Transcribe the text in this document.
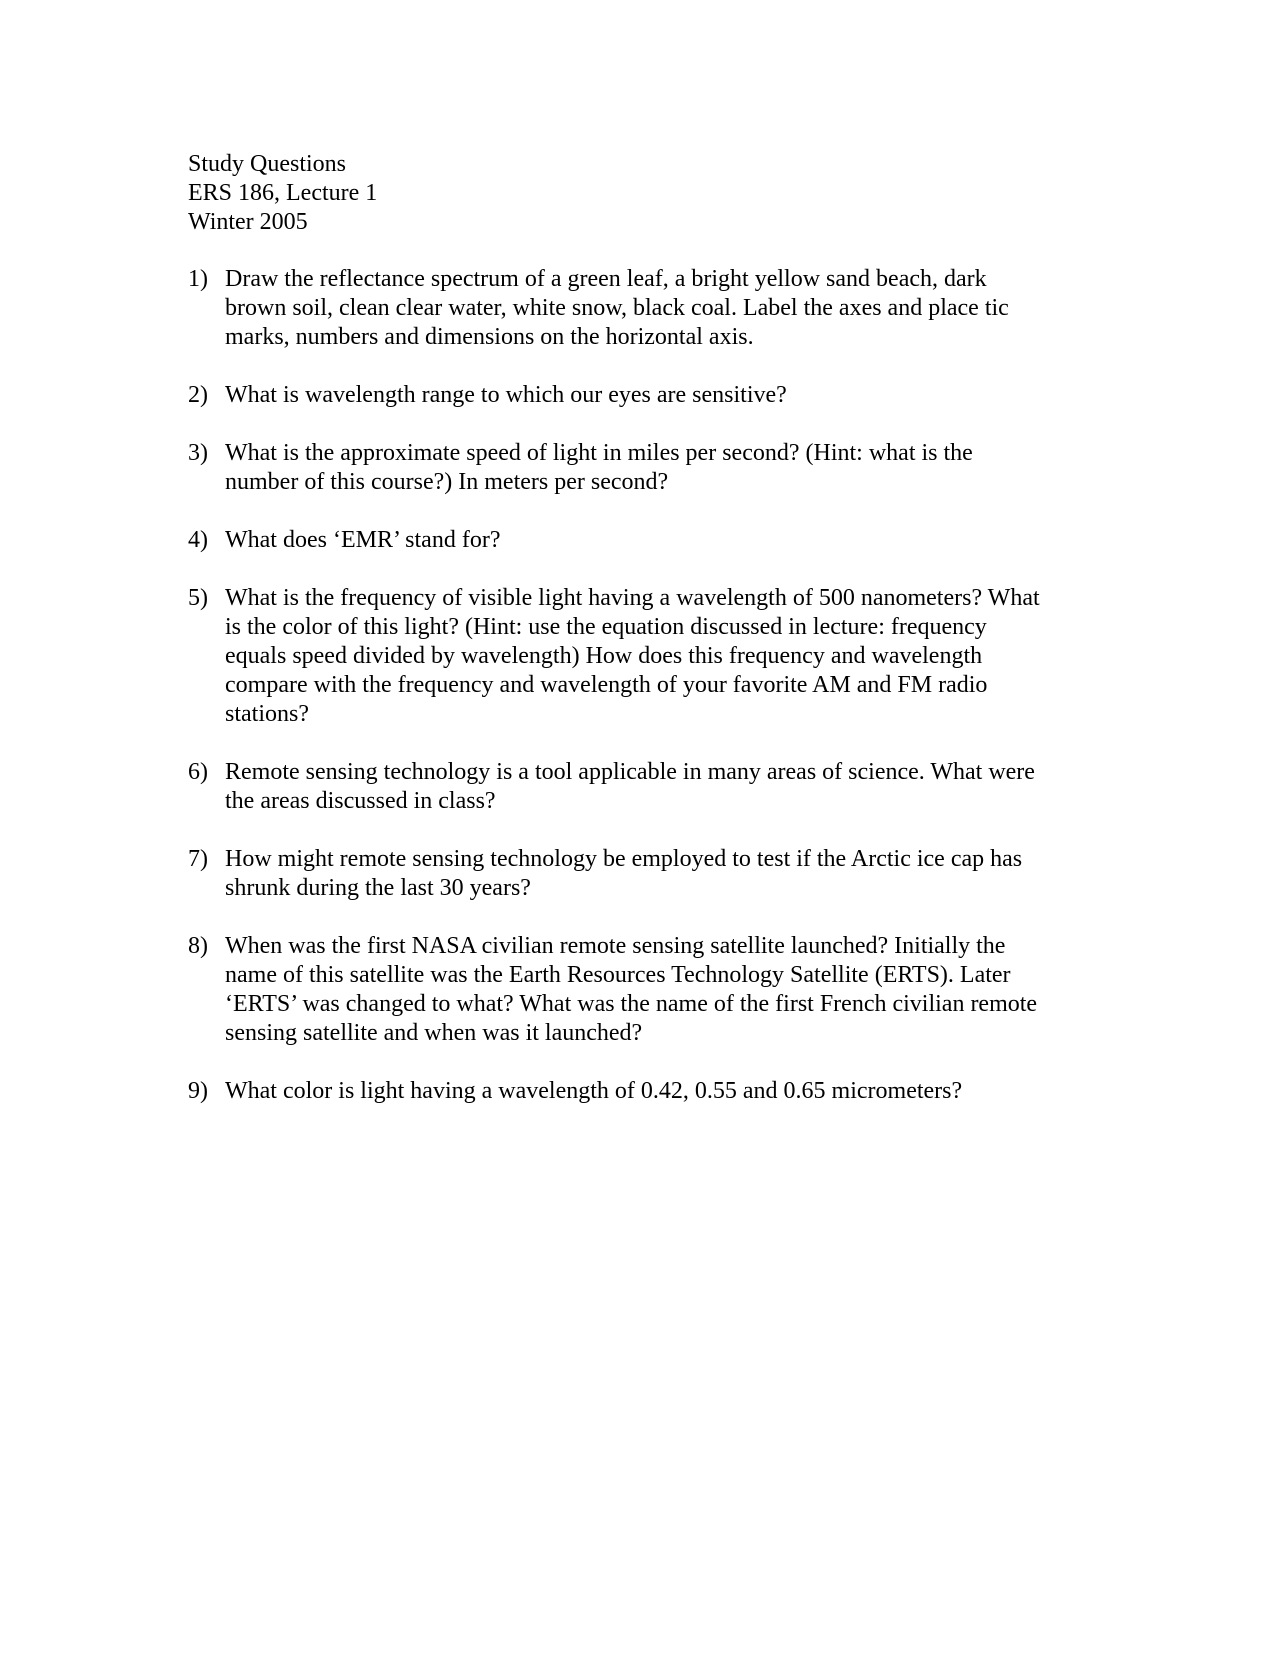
Study Questions
ERS 186, Lecture 1
Winter 2005
1) Draw the reflectance spectrum of a green leaf, a bright yellow sand beach, dark
brown soil, clean clear water, white snow, black coal. Label the axes and place tic
marks, numbers and dimensions on the horizontal axis.
2) What is wavelength range to which our eyes are sensitive?
3) What is the approximate speed of light in miles per second? (Hint: what is the
number of this course?) In meters per second?
4) What does ‘EMR’ stand for?
5) What is the frequency of visible light having a wavelength of 500 nanometers? What
is the color of this light? (Hint: use the equation discussed in lecture: frequency
equals speed divided by wavelength) How does this frequency and wavelength
compare with the frequency and wavelength of your favorite AM and FM radio
stations?
6) Remote sensing technology is a tool applicable in many areas of science. What were
the areas discussed in class?
7) How might remote sensing technology be employed to test if the Arctic ice cap has
shrunk during the last 30 years?
8) When was the first NASA civilian remote sensing satellite launched? Initially the
name of this satellite was the Earth Resources Technology Satellite (ERTS). Later
‘ERTS’ was changed to what? What was the name of the first French civilian remote
sensing satellite and when was it launched?
9) What color is light having a wavelength of 0.42, 0.55 and 0.65 micrometers?
